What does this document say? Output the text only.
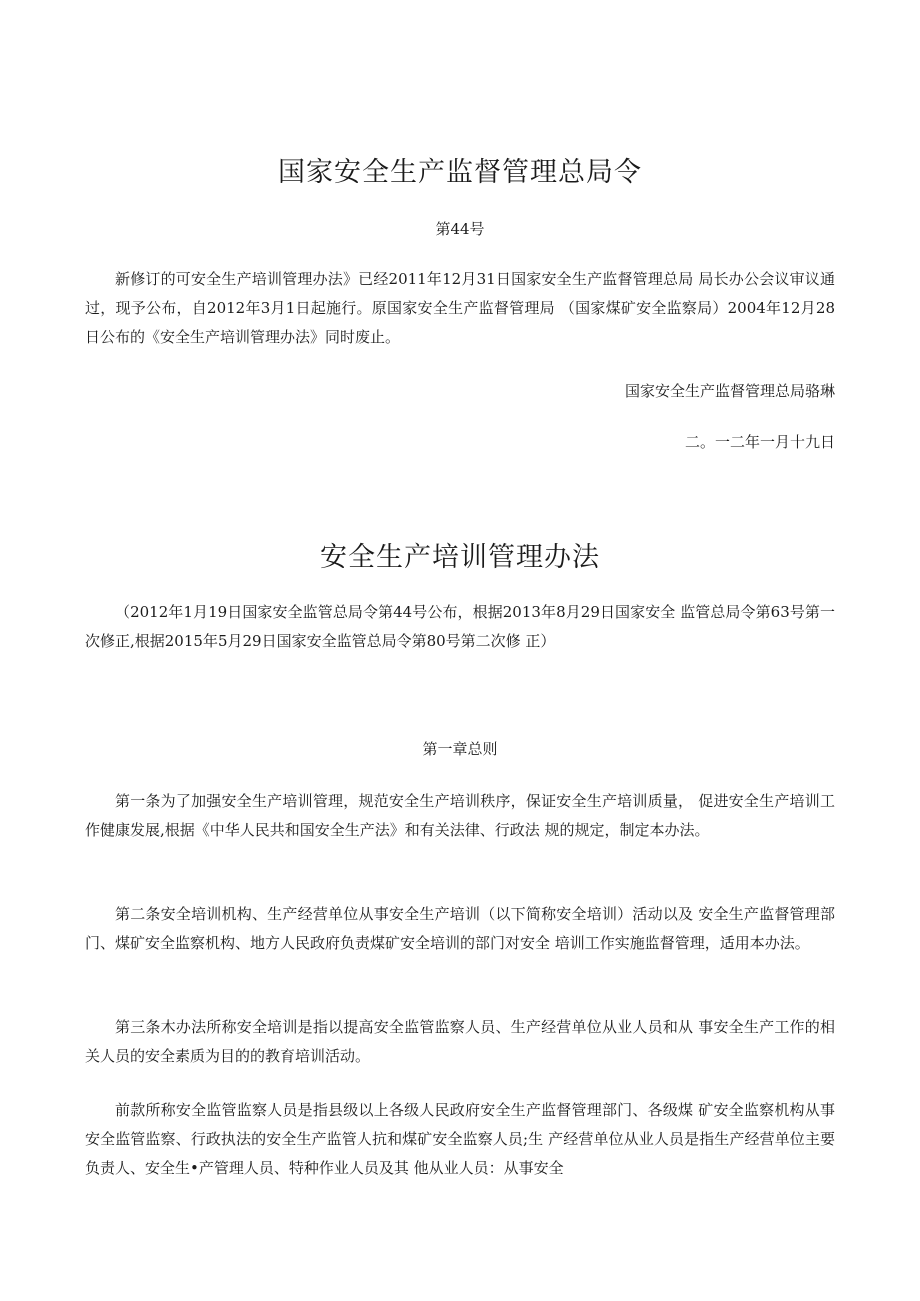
国家安全生产监督管理总局令
第44号

新修订的可安全生产培训管理办法》已经2011年12月31日国家安全生产监督管理总局 局长办公会议审议通过，现予公布，自2012年3月1日起施行。原国家安全生产监督管理局 （国家煤矿安全监察局）2004年12月28日公布的《安全生产培训管理办法》同时废止。

国家安全生产监督管理总局骆琳
二。一二年一月十九日
安全生产培训管理办法

（2012年1月19日国家安全监管总局令第44号公布，根据2013年8月29日国家安全 监管总局令第63号第一次修正,根据2015年5月29日国家安全监管总局令第80号第二次修 正）

第一章总则

第一条为了加强安全生产培训管理，规范安全生产培训秩序，保证安全生产培训质量， 促进安全生产培训工作健康发展,根据《中华人民共和国安全生产法》和有关法律、行政法 规的规定，制定本办法。

第二条安全培训机构、生产经营单位从事安全生产培训（以下简称安全培训）活动以及 安全生产监督管理部门、煤矿安全监察机构、地方人民政府负责煤矿安全培训的部门对安全 培训工作实施监督管理，适用本办法。

第三条木办法所称安全培训是指以提高安全监管监察人员、生产经营单位从业人员和从 事安全生产工作的相关人员的安全素质为目的的教育培训活动。

前款所称安全监管监察人员是指县级以上各级人民政府安全生产监督管理部门、各级煤 矿安全监察机构从事安全监管监察、行政执法的安全生产监管人抗和煤矿安全监察人员;生 产经营单位从业人员是指生产经营单位主要负责人、安全生•产管理人员、特种作业人员及其 他从业人员：从事安全
